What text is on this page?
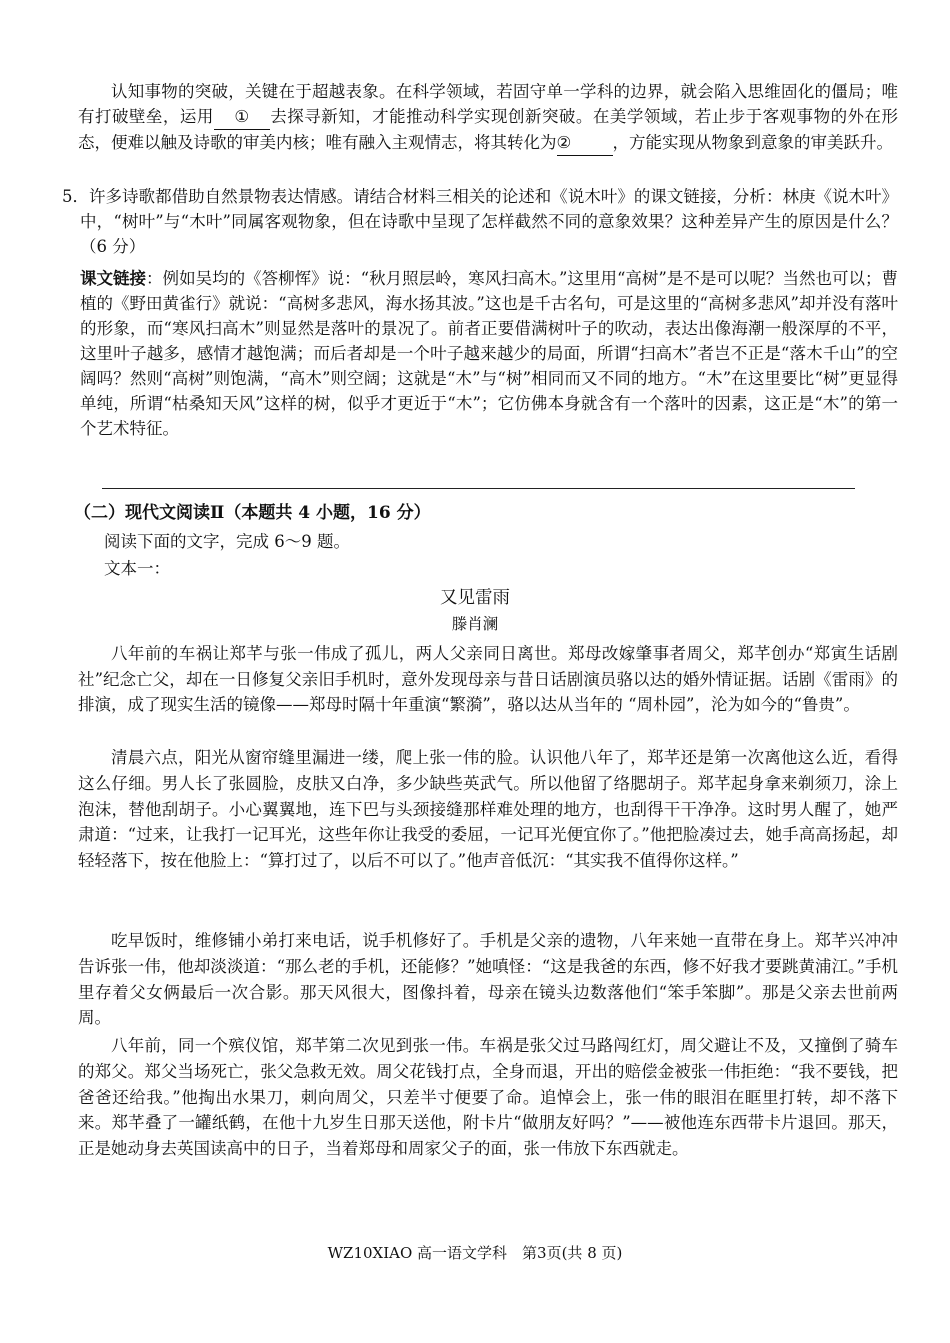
认知事物的突破，关键在于超越表象。在科学领域，若固守单一学科的边界，就会陷入思维固化的僵局；唯有打破壁垒，运用 ① 去探寻新知，才能推动科学实现创新突破。在美学领域，若止步于客观事物的外在形态，便难以触及诗歌的审美内核；唯有融入主观情志，将其转化为② ，方能实现从物象到意象的审美跃升。

5．许多诗歌都借助自然景物表达情感。请结合材料三相关的论述和《说木叶》的课文链接，分析：林庚《说木叶》中，“树叶”与“木叶”同属客观物象，但在诗歌中呈现了怎样截然不同的意象效果？这种差异产生的原因是什么？（6 分）

课文链接：例如吴均的《答柳恽》说：“秋月照层岭，寒风扫高木。”这里用“高树”是不是可以呢？当然也可以；曹植的《野田黄雀行》就说：“高树多悲风，海水扬其波。”这也是千古名句，可是这里的“高树多悲风”却并没有落叶的形象，而“寒风扫高木”则显然是落叶的景况了。前者正要借满树叶子的吹动，表达出像海潮一般深厚的不平，这里叶子越多，感情才越饱满；而后者却是一个叶子越来越少的局面，所谓“扫高木”者岂不正是“落木千山”的空阔吗？然则“高树”则饱满，“高木”则空阔；这就是“木”与“树”相同而又不同的地方。“木”在这里要比“树”更显得单纯，所谓“枯桑知天风”这样的树，似乎才更近于“木”；它仿佛本身就含有一个落叶的因素，这正是“木”的第一个艺术特征。

（二）现代文阅读Ⅱ（本题共 4 小题，16 分）
阅读下面的文字，完成 6～9 题。
文本一：
又见雷雨
滕肖澜

八年前的车祸让郑芊与张一伟成了孤儿，两人父亲同日离世。郑母改嫁肇事者周父，郑芊创办“郑寅生话剧社”纪念亡父，却在一日修复父亲旧手机时，意外发现母亲与昔日话剧演员骆以达的婚外情证据。话剧《雷雨》的排演，成了现实生活的镜像——郑母时隔十年重演“繁漪”，骆以达从当年的 “周朴园”，沦为如今的“鲁贵”。

清晨六点，阳光从窗帘缝里漏进一缕，爬上张一伟的脸。认识他八年了，郑芊还是第一次离他这么近，看得这么仔细。男人长了张圆脸，皮肤又白净，多少缺些英武气。所以他留了络腮胡子。郑芊起身拿来剃须刀，涂上泡沫，替他刮胡子。小心翼翼地，连下巴与头颈接缝那样难处理的地方，也刮得干干净净。这时男人醒了，她严肃道：“过来，让我打一记耳光，这些年你让我受的委屈，一记耳光便宜你了。”他把脸凑过去，她手高高扬起，却轻轻落下，按在他脸上：“算打过了，以后不可以了。”他声音低沉：“其实我不值得你这样。”

吃早饭时，维修铺小弟打来电话，说手机修好了。手机是父亲的遗物，八年来她一直带在身上。郑芊兴冲冲告诉张一伟，他却淡淡道：“那么老的手机，还能修？”她嗔怪：“这是我爸的东西，修不好我才要跳黄浦江。”手机里存着父女俩最后一次合影。那天风很大，图像抖着，母亲在镜头边数落他们“笨手笨脚”。那是父亲去世前两周。

八年前，同一个殡仪馆，郑芊第二次见到张一伟。车祸是张父过马路闯红灯，周父避让不及，又撞倒了骑车的郑父。郑父当场死亡，张父急救无效。周父花钱打点，全身而退，开出的赔偿金被张一伟拒绝：“我不要钱，把爸爸还给我。”他掏出水果刀，刺向周父，只差半寸便要了命。追悼会上，张一伟的眼泪在眶里打转，却不落下来。郑芊叠了一罐纸鹤，在他十九岁生日那天送他，附卡片“做朋友好吗？”——被他连东西带卡片退回。那天，正是她动身去英国读高中的日子，当着郑母和周家父子的面，张一伟放下东西就走。

WZ10XIAO 高一语文学科　第3页(共 8 页)
